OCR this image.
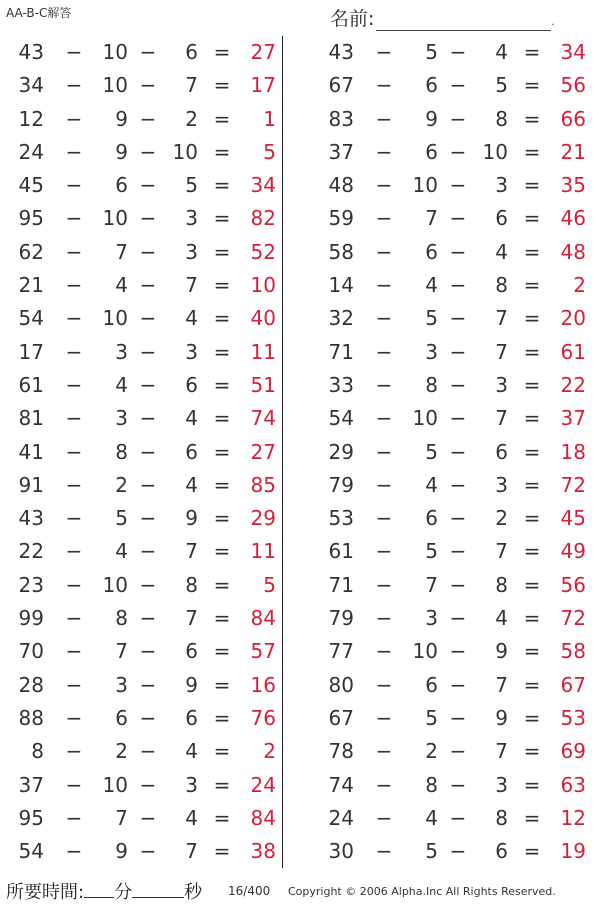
AA-B-C解答	名前:	.
43 −	10 −	6 =	27
34 −	10 −	7 =	17
12 −	9 −	2 =	1
24 −	9 − 10 =	5
45 −	6 −	5 =	34
95 −	10 −	3 =	82
62 −	7 −	3 =	52
21 −	4 −	7 =	10
54 −	10 −	4 =	40
17 −	3 −	3 =	11
61 −	4 −	6 =	51
81 −	3 −	4 =	74
41 −	8 −	6 =	27
91 −	2 −	4 =	85
43 −	5 −	9 =	29
22 −	4 −	7 =	11
23 −	10 −	8 =	5
99 −	8 −	7 =	84
70 −	7 −	6 =	57
28 −	3 −	9 =	16
88 −	6 −	6 =	76
8 −	2 −	4 =	2
37 −	10 −	3 =	24
95 −	7 −	4 =	84
54 −	9 −	7 =	38
43 −	5 −	4 =	34
67 −	6 −	5 =	56
83 −	9 −	8 =	66
37 −	6 − 10 =	21
48 −	10 −	3 =	35
59 −	7 −	6 =	46
58 −	6 −	4 =	48
14 −	4 −	8 =	2
32 −	5 −	7 =	20
71 −	3 −	7 =	61
33 −	8 −	3 =	22
54 −	10 −	7 =	37
29 −	5 −	6 =	18
79 −	4 −	3 =	72
53 −	6 −	2 =	45
61 −	5 −	7 =	49
71 −	7 −	8 =	56
79 −	3 −	4 =	72
77 −	10 −	9 =	58
80 −	6 −	7 =	67
67 −	5 −	9 =	53
78 −	2 −	7 =	69
74 −	8 −	3 =	63
24 −	4 −	8 =	12
30 −	5 −	6 =	19
所要時間: 分	秒 16/400 Copyright © 2006 Alpha.Inc All Rights Reserved.
